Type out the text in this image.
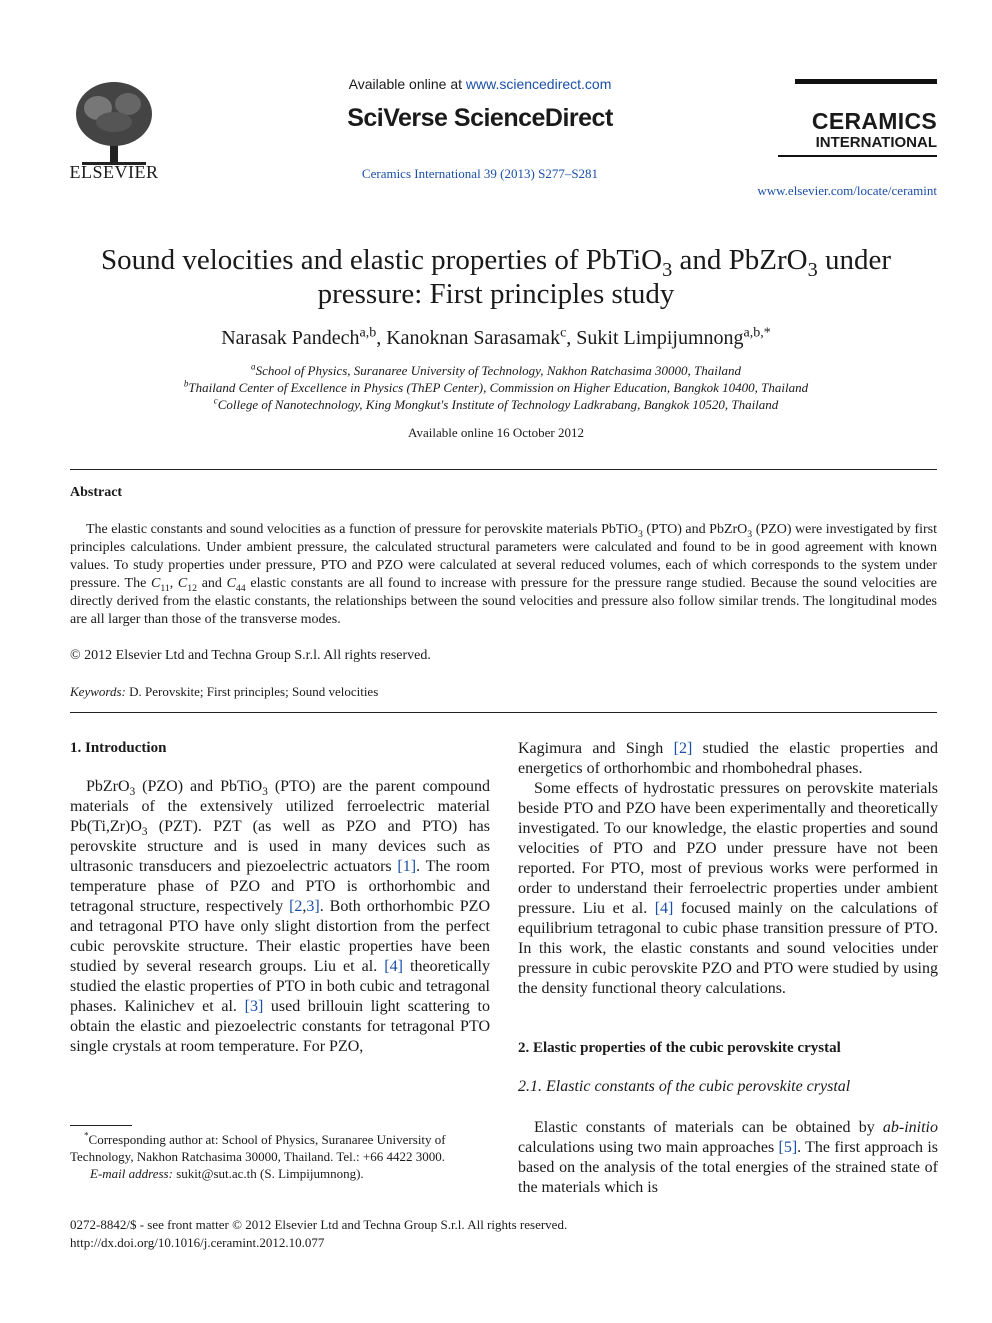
ELSEVIER
Available online at www.sciencedirect.com
SciVerse ScienceDirect
Ceramics International 39 (2013) S277–S281
CERAMICS
INTERNATIONAL
www.elsevier.com/locate/ceramint
Sound velocities and elastic properties of PbTiO$_3$ and PbZrO$_3$ under
pressure: First principles study
Narasak Pandech$^{a,b}$, Kanoknan Sarasamak$^c$, Sukit Limpijumnong$^{a,b,*}$
$^a$School of Physics, Suranaree University of Technology, Nakhon Ratchasima 30000, Thailand
$^b$Thailand Center of Excellence in Physics (ThEP Center), Commission on Higher Education, Bangkok 10400, Thailand
$^c$College of Nanotechnology, King Mongkut's Institute of Technology Ladkrabang, Bangkok 10520, Thailand
Available online 16 October 2012
Abstract
The elastic constants and sound velocities as a function of pressure for perovskite materials PbTiO$_3$ (PTO) and PbZrO$_3$ (PZO) were investigated by first principles calculations. Under ambient pressure, the calculated structural parameters were calculated and found to be in good agreement with known values. To study properties under pressure, PTO and PZO were calculated at several reduced volumes, each of which corresponds to the system under pressure. The $C_{11}$, $C_{12}$ and $C_{44}$ elastic constants are all found to increase with pressure for the pressure range studied. Because the sound velocities are directly derived from the elastic constants, the relationships between the sound velocities and pressure also follow similar trends. The longitudinal modes are all larger than those of the transverse modes.
© 2012 Elsevier Ltd and Techna Group S.r.l. All rights reserved.
Keywords: D. Perovskite; First principles; Sound velocities
1. Introduction

PbZrO$_3$ (PZO) and PbTiO$_3$ (PTO) are the parent compound materials of the extensively utilized ferroelectric material $Pb(Ti,Zr)O_3$ (PZT). PZT (as well as PZO and PTO) has perovskite structure and is used in many devices such as ultrasonic transducers and piezoelectric actuators [1]. The room temperature phase of PZO and PTO is orthorhombic and tetragonal structure, respectively [2,3]. Both orthorhombic PZO and tetragonal PTO have only slight distortion from the perfect cubic perovskite structure. Their elastic properties have been studied by several research groups. Liu et al. [4] theoretically studied the elastic properties of PTO in both cubic and tetragonal phases. Kalinichev et al. [3] used brillouin light scattering to obtain the elastic and piezoelectric constants for tetragonal PTO single crystals at room temperature. For PZO,

*Corresponding author at: School of Physics, Suranaree University of Technology, Nakhon Ratchasima 30000, Thailand. Tel.: +66 4422 3000.
E-mail address: sukit@sut.ac.th (S. Limpijumnong).

Kagimura and Singh [2] studied the elastic properties and energetics of orthorhombic and rhombohedral phases.

Some effects of hydrostatic pressures on perovskite materials beside PTO and PZO have been experimentally and theoretically investigated. To our knowledge, the elastic properties and sound velocities of PTO and PZO under pressure have not been reported. For PTO, most of previous works were performed in order to understand their ferroelectric properties under ambient pressure. Liu et al. [4] focused mainly on the calculations of equilibrium tetragonal to cubic phase transition pressure of PTO. In this work, the elastic constants and sound velocities under pressure in cubic perovskite PZO and PTO were studied by using the density functional theory calculations.

2. Elastic properties of the cubic perovskite crystal
2.1. Elastic constants of the cubic perovskite crystal

Elastic constants of materials can be obtained by ab-initio calculations using two main approaches [5]. The first approach is based on the analysis of the total energies of the strained state of the materials which is

0272-8842/$ - see front matter © 2012 Elsevier Ltd and Techna Group S.r.l. All rights reserved.
http://dx.doi.org/10.1016/j.ceramint.2012.10.077
